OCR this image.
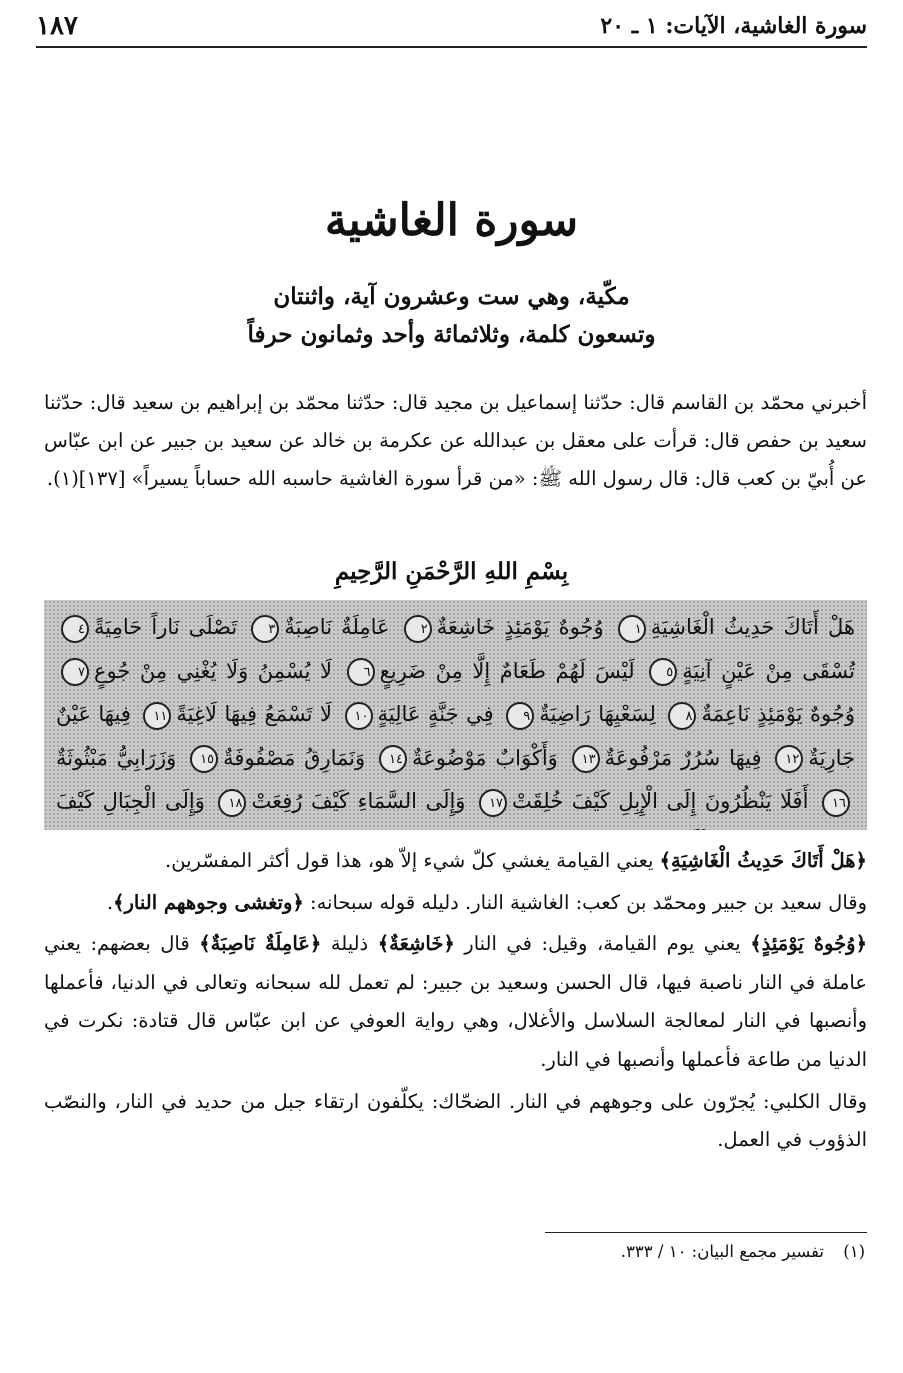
سورة الغاشية، الآيات: ١ ـ ٢٠
١٨٧
سورة الغاشية
مكّية، وهي ست وعشرون آية، واثنتان
وتسعون كلمة، وثلاثمائة وأحد وثمانون حرفاً
أخبرني محمّد بن القاسم قال: حدّثنا إسماعيل بن مجيد قال: حدّثنا محمّد بن إبراهيم بن سعيد قال: حدّثنا سعيد بن حفص قال: قرأت على معقل بن عبدالله عن عكرمة بن خالد عن سعيد بن جبير عن ابن عبّاس عن أُبيّ بن كعب قال: قال رسول الله ﷺ: «من قرأ سورة الغاشية حاسبه الله حساباً يسيراً» [١٣٧](١).
بِسْمِ اللهِ الرَّحْمَنِ الرَّحِيمِ
هَلْ أَتَاكَ حَدِيثُ الْغَاشِيَةِ١ وُجُوهٌ يَوْمَئِذٍ خَاشِعَةٌ٢ عَامِلَةٌ نَاصِبَةٌ٣ تَصْلَى نَاراً حَامِيَةً٤ تُسْقَى مِنْ عَيْنٍ آنِيَةٍ٥ لَيْسَ لَهُمْ طَعَامٌ إِلَّا مِنْ ضَرِيعٍ٦ لَا يُسْمِنُ وَلَا يُغْنِي مِنْ جُوعٍ٧ وُجُوهٌ يَوْمَئِذٍ نَاعِمَةٌ٨ لِسَعْيِهَا رَاضِيَةٌ٩ فِي جَنَّةٍ عَالِيَةٍ١٠ لَا تَسْمَعُ فِيهَا لَاغِيَةً١١ فِيهَا عَيْنٌ جَارِيَةٌ١٢ فِيهَا سُرُرٌ مَرْفُوعَةٌ١٣ وَأَكْوَابٌ مَوْضُوعَةٌ١٤ وَنَمَارِقُ مَصْفُوفَةٌ١٥ وَزَرَابِيُّ مَبْثُوثَةٌ١٦ أَفَلَا يَنْظُرُونَ إِلَى الْإِبِلِ كَيْفَ خُلِقَتْ١٧ وَإِلَى السَّمَاءِ كَيْفَ رُفِعَتْ١٨ وَإِلَى الْجِبَالِ كَيْفَ

﴿هَلْ أَتَاكَ حَدِيثُ الْغَاشِيَةِ﴾ يعني القيامة يغشي كلّ شيء إلاّ هو، هذا قول أكثر المفسّرين.

وقال سعيد بن جبير ومحمّد بن كعب: الغاشية النار. دليله قوله سبحانه: ﴿وتغشى وجوههم النار﴾.

﴿وُجُوهٌ يَوْمَئِذٍ﴾ يعني يوم القيامة، وقيل: في النار ﴿خَاشِعَةٌ﴾ ذليلة ﴿عَامِلَةٌ نَاصِبَةٌ﴾ قال بعضهم: يعني عاملة في النار ناصبة فيها، قال الحسن وسعيد بن جبير: لم تعمل لله سبحانه وتعالى في الدنيا، فأعملها وأنصبها في النار لمعالجة السلاسل والأغلال، وهي رواية العوفي عن ابن عبّاس قال قتادة: نكرت في الدنيا من طاعة فأعملها وأنصبها في النار.

وقال الكلبي: يُجرّون على وجوههم في النار. الضحّاك: يكلّفون ارتقاء جبل من حديد في النار، والنصّب الذؤوب في العمل.

(١) تفسير مجمع البيان: ١٠ / ٣٣٣.
